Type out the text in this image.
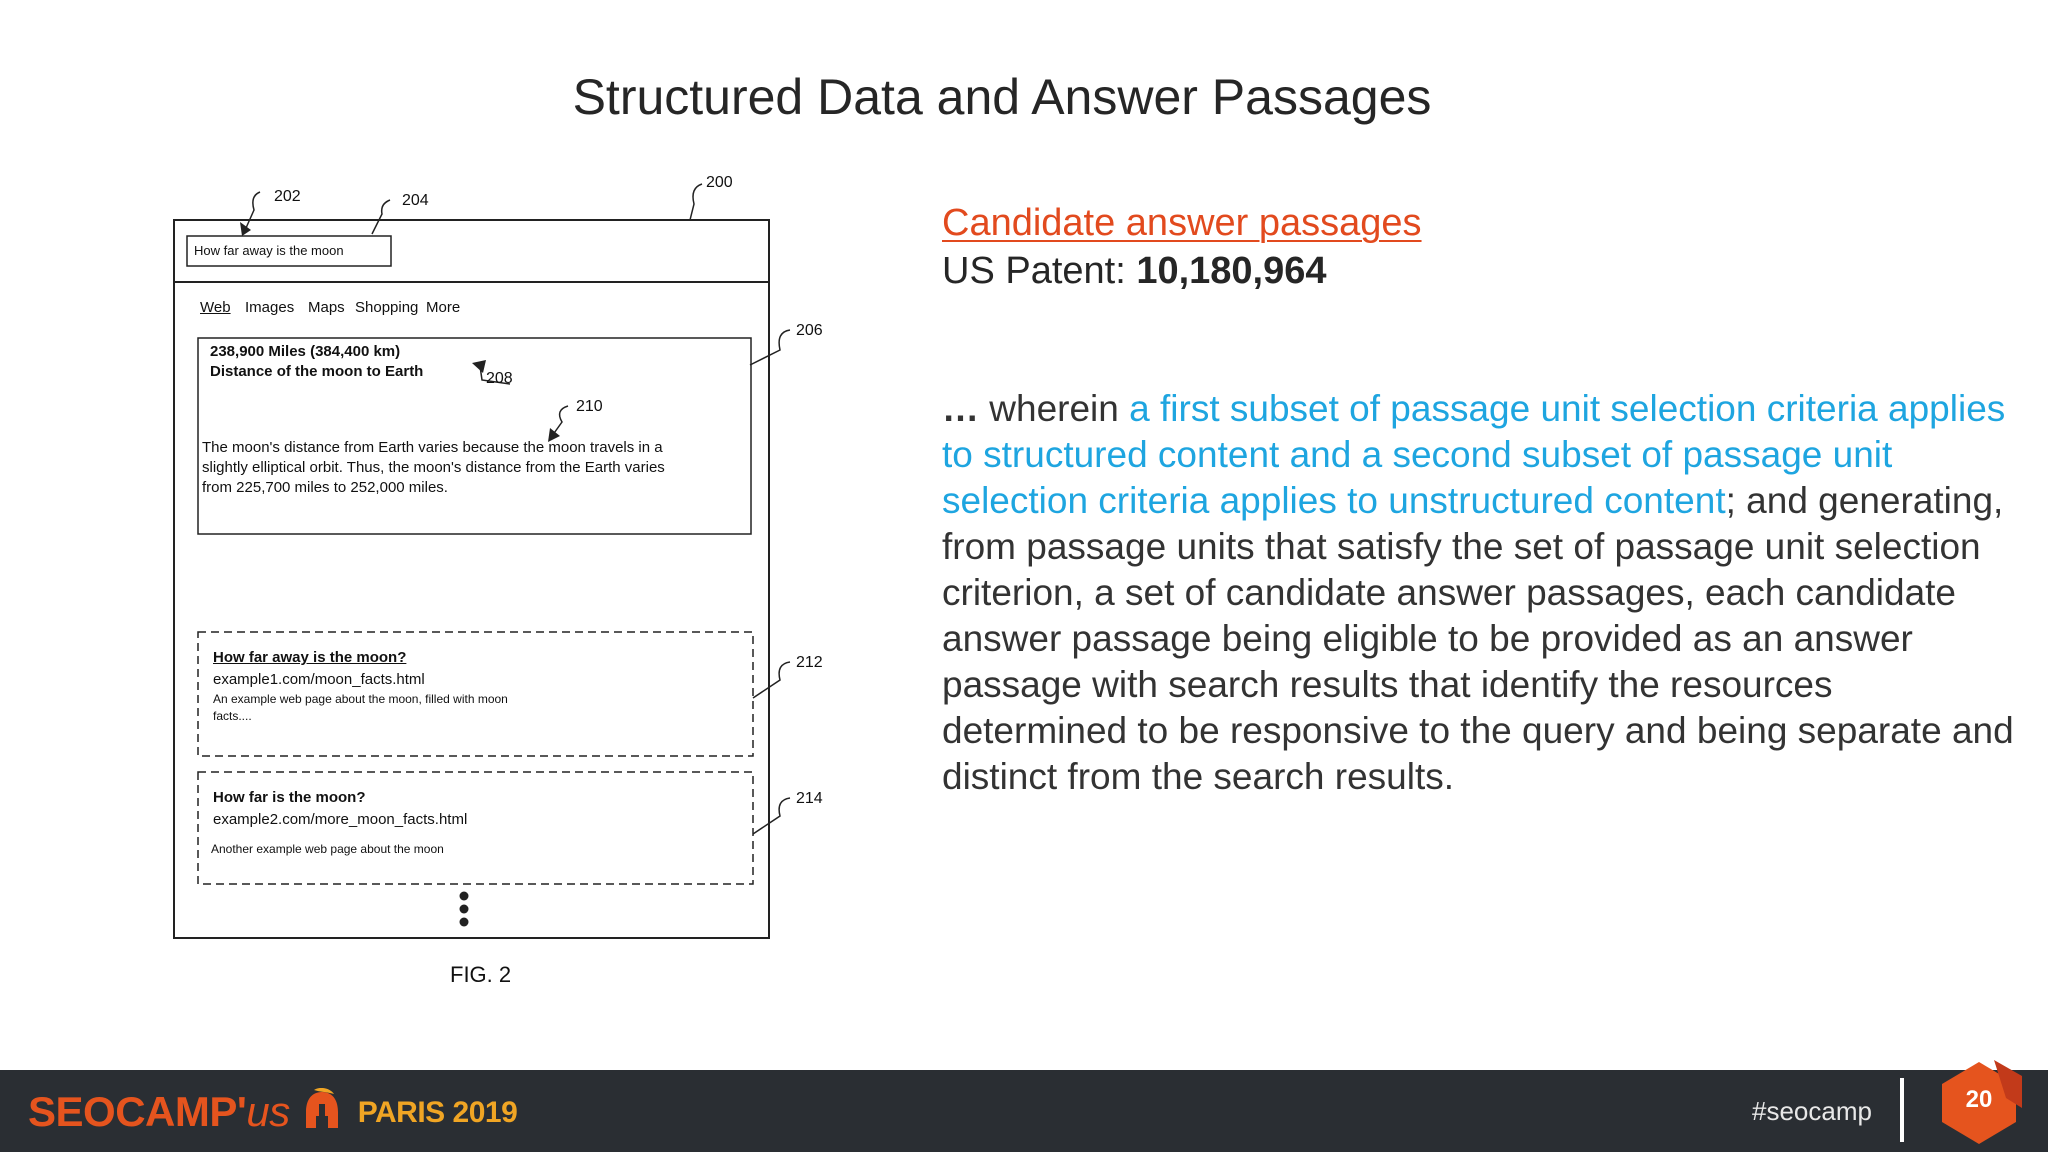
Structured Data and Answer Passages
202	204
200
206
208
210
212
214
How far away is the moon
Web Images Maps Shopping More
238,900 Miles (384,400 km)
Distance of the moon to Earth
The moon's distance from Earth varies because the moon travels in a
slightly elliptical orbit. Thus, the moon's distance from the Earth varies
from 225,700 miles to 252,000 miles.
How far away is the moon?
example1.com/moon_facts.html
An example web page about the moon, filled with moon
facts....
How far is the moon?
example2.com/more_moon_facts.html
Another example web page about the moon
FIG. 2
Candidate answer passages
US Patent: 10,180,964
… wherein a first subset of passage unit selection criteria applies to structured content and a second subset of passage unit selection criteria applies to unstructured content; and generating, from passage units that satisfy the set of passage unit selection criterion, a set of candidate answer passages, each candidate answer passage being eligible to be provided as an answer passage with search results that identify the resources determined to be responsive to the query and being separate and distinct from the search results.
SEOCAMP'us PARIS 2019	#seocamp	20
